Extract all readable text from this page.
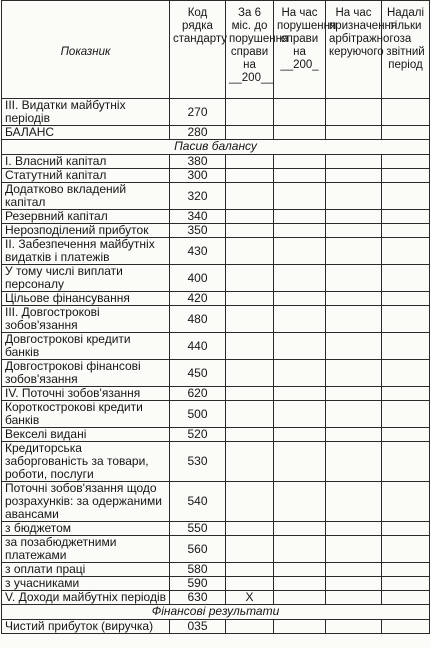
Показник	Код рядка стандарту	За 6 міс. до порушення справи на __200__	На час порушення справи на __200_	На час призначення арбітражного керуючого	Надалі тільки за звітний період
III. Видатки майбутніх періодів	270				
БАЛАНС	280				
Пасив балансу					
І. Власний капітал	380				
Статутний капітал	300				
Додатково вкладений капітал	320				
Резервний капітал	340				
Нерозподілений прибуток	350				
II. Забезпечення майбутніх видатків і платежів	430				
У тому числі виплати персоналу	400				
Цільове фінансування	420				
III. Довгострокові зобов'язання	480				
Довгострокові кредити банків	440				
Довгострокові фінансові зобов'язання	450				
IV. Поточні зобов'язання	620				
Короткострокові кредити банків	500				
Векселі видані	520				
Кредиторська заборгованість за товари, роботи, послуги	530				
Поточні зобов'язання щодо розрахунків: за одержаними авансами	540				
з бюджетом	550				
за позабюджетними платежами	560				
з оплати праці	580				
з учасниками	590				
V. Доходи майбутніх періодів	630	Х			
Фінансові результати					
Чистий прибуток (виручка)	035				
